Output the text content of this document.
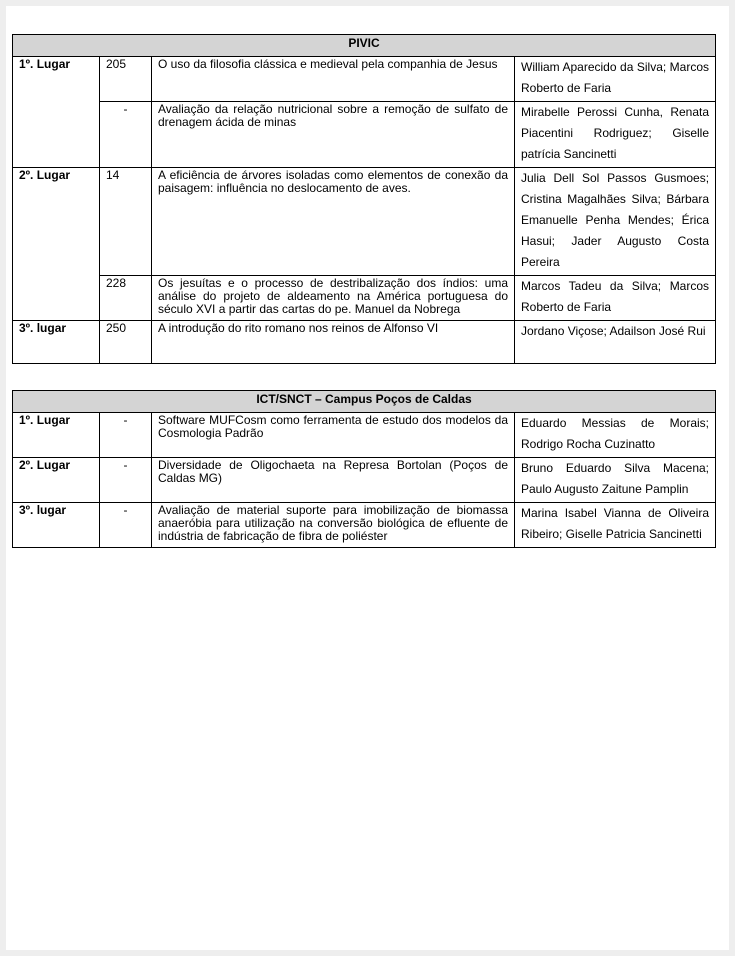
PIVIC			
1º. Lugar	205	O uso da filosofia clássica e medieval pela companhia de Jesus	William Aparecido da Silva; Marcos Roberto de Faria
	-	Avaliação da relação nutricional sobre a remoção de sulfato de drenagem ácida de minas	Mirabelle Perossi Cunha, Renata Piacentini Rodriguez; Giselle patrícia Sancinetti
2º. Lugar	14	A eficiência de árvores isoladas como elementos de conexão da paisagem: influência no deslocamento de aves.	Julia Dell Sol Passos Gusmoes; Cristina Magalhães Silva; Bárbara Emanuelle Penha Mendes; Érica Hasui; Jader Augusto Costa Pereira
	228	Os jesuítas e o processo de destribalização dos índios: uma análise do projeto de aldeamento na América portuguesa do século XVI a partir das cartas do pe. Manuel da Nobrega	Marcos Tadeu da Silva; Marcos Roberto de Faria
3º. lugar	250	A introdução do rito romano nos reinos de Alfonso VI	Jordano Viçose; Adailson José Rui
ICT/SNCT – Campus Poços de Caldas			
1º. Lugar	-	Software MUFCosm como ferramenta de estudo dos modelos da Cosmologia Padrão	Eduardo Messias de Morais; Rodrigo Rocha Cuzinatto
2º. Lugar	-	Diversidade de Oligochaeta na Represa Bortolan (Poços de Caldas MG)	Bruno Eduardo Silva Macena; Paulo Augusto Zaitune Pamplin
3º. lugar	-	Avaliação de material suporte para imobilização de biomassa anaeróbia para utilização na conversão biológica de efluente de indústria de fabricação de fibra de poliéster	Marina Isabel Vianna de Oliveira Ribeiro; Giselle Patricia Sancinetti
